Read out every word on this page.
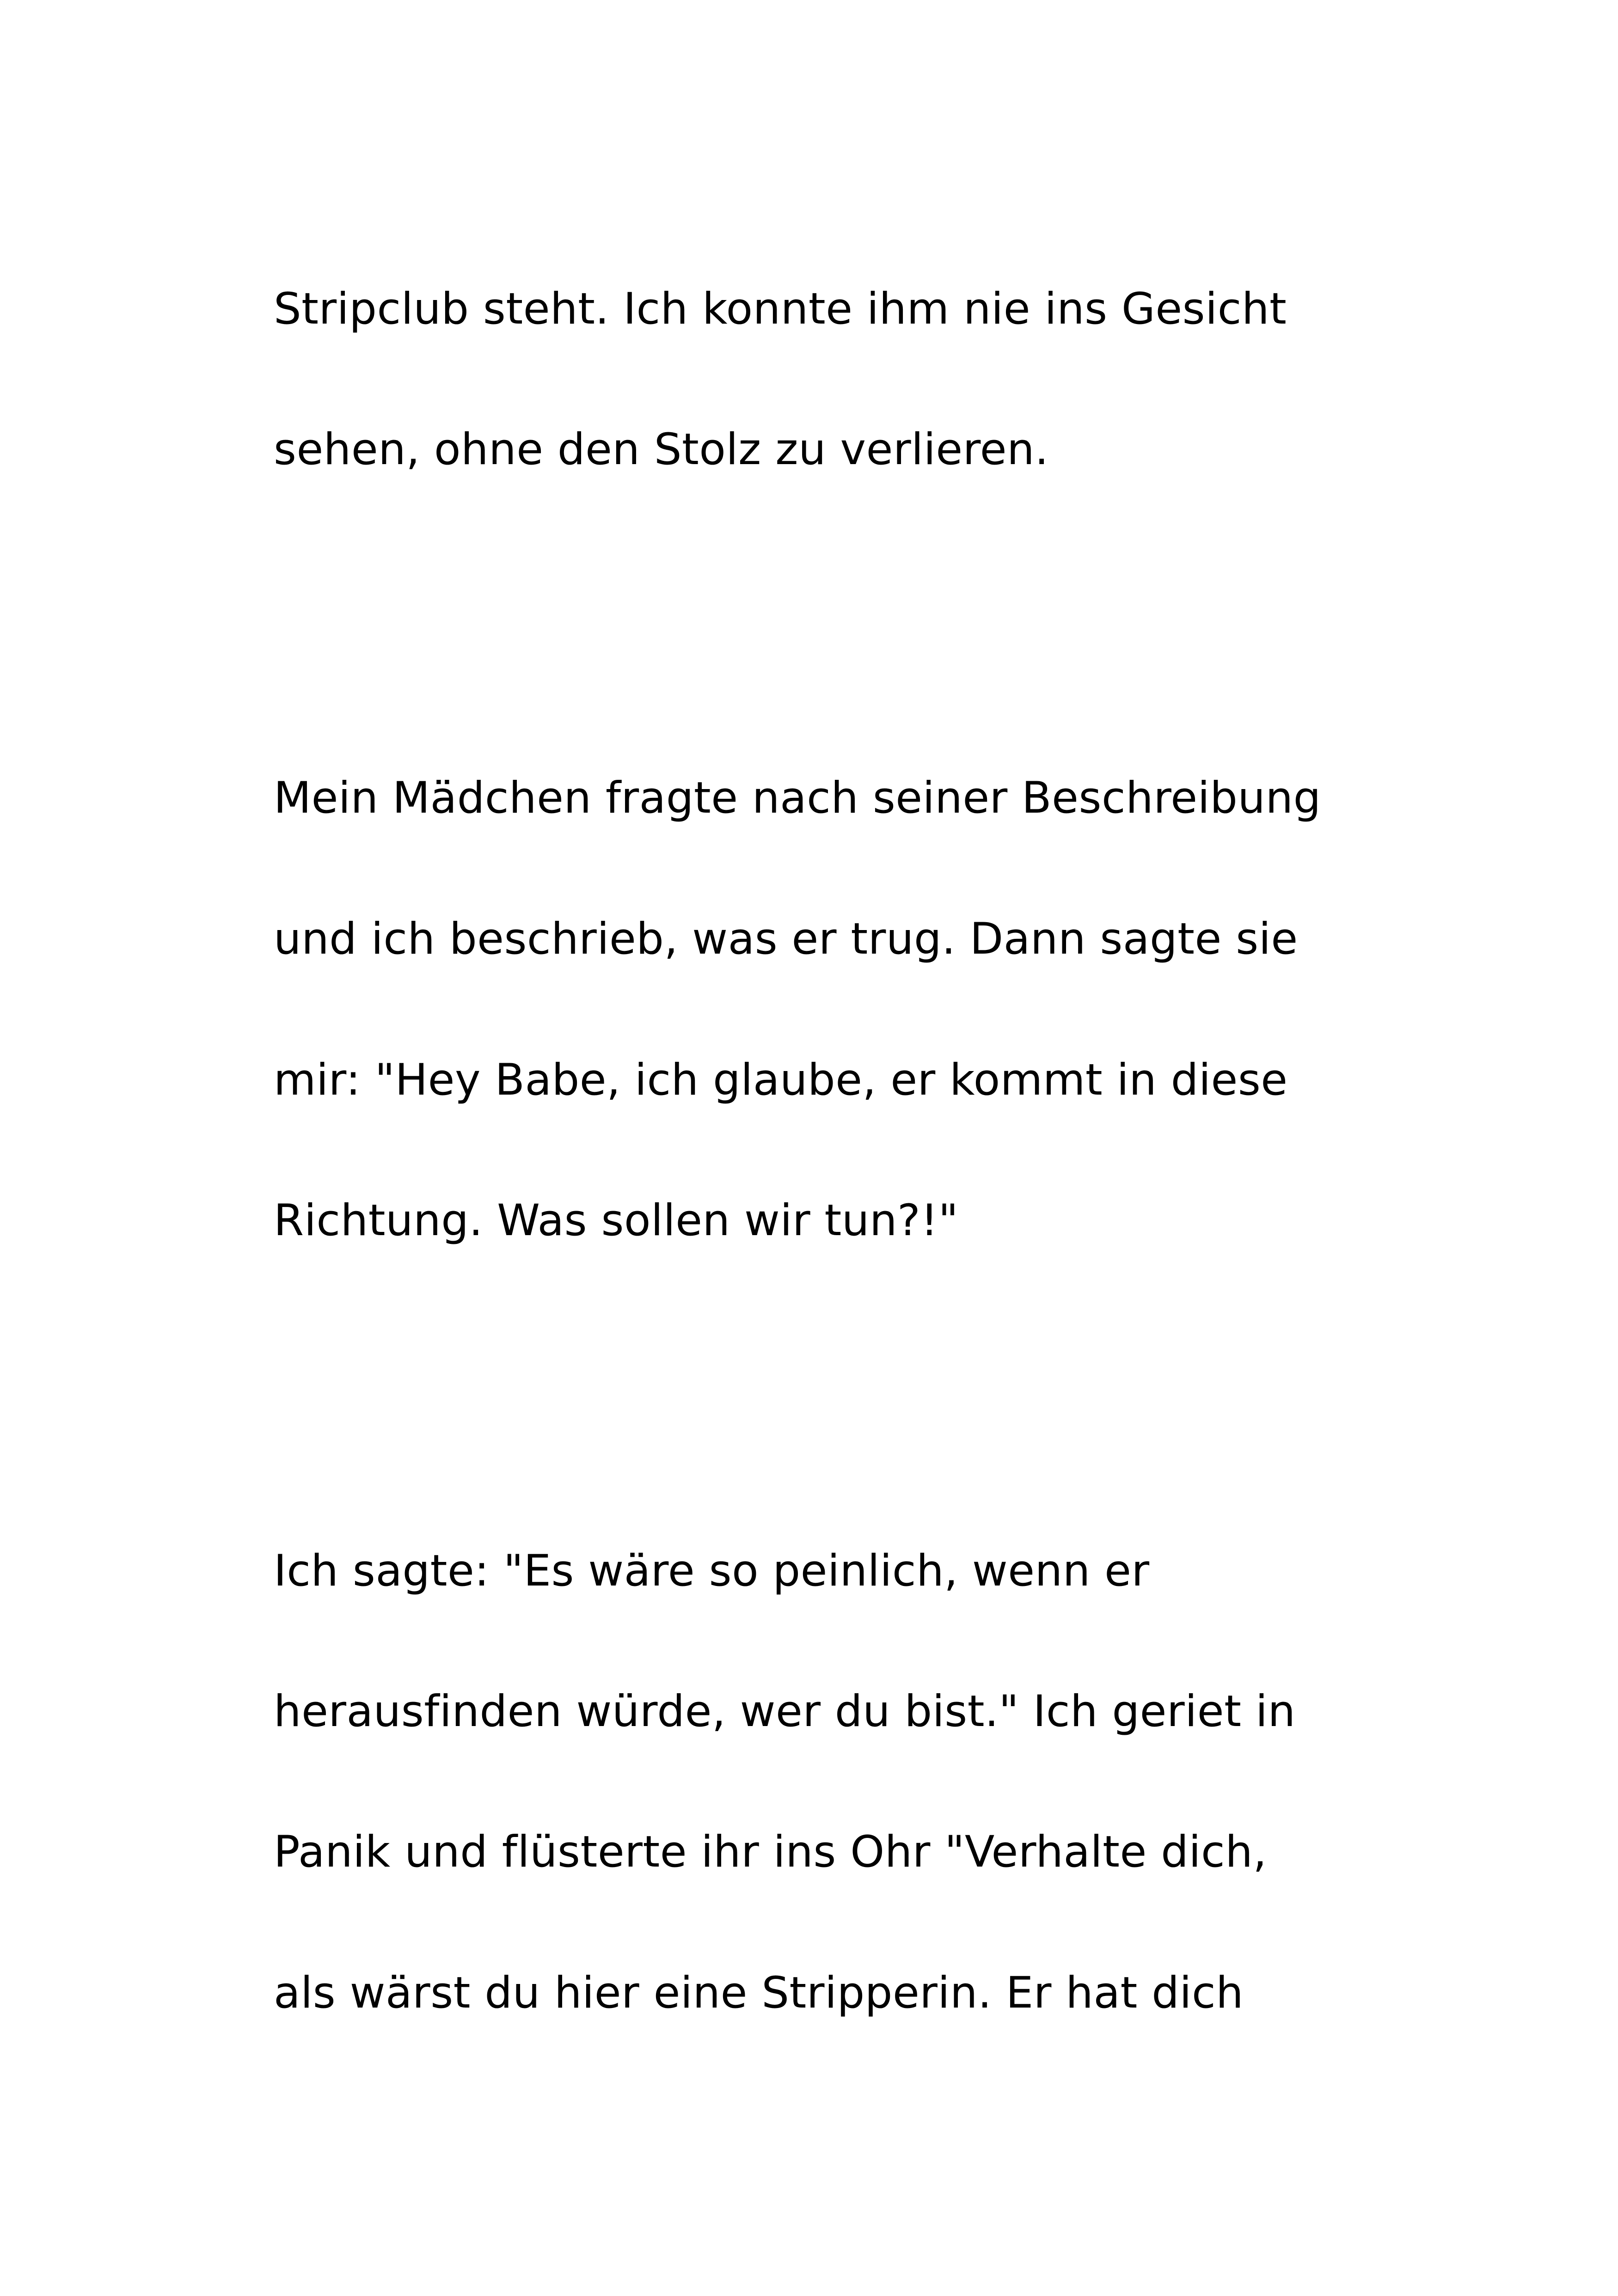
Stripclub steht. Ich konnte ihm nie ins Gesicht

sehen, ohne den Stolz zu verlieren.

Mein Mädchen fragte nach seiner Beschreibung

und ich beschrieb, was er trug. Dann sagte sie

mir: "Hey Babe, ich glaube, er kommt in diese

Richtung. Was sollen wir tun?!"

Ich sagte: "Es wäre so peinlich, wenn er

herausfinden würde, wer du bist." Ich geriet in

Panik und flüsterte ihr ins Ohr "Verhalte dich,

als wärst du hier eine Stripperin. Er hat dich
